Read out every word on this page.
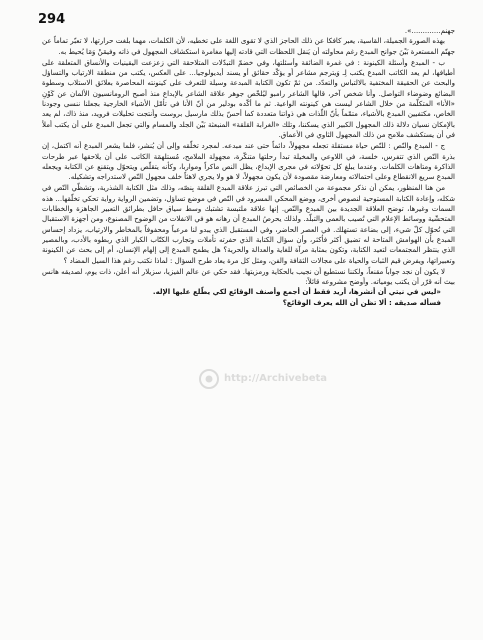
294

جهنم.............».

بهذه الصورة الجميلة، القاسية، يعبر كافكا عن ذلك الحاجز الذي لا تقوى اللغة على تخطيه، لأن الكلمات، مهما بلغت حرارتها، لا تعبّر تماماً عن جهنّم المستعرة بَيْنَ جوانح المبدع رغم محاولته أن يَنقل اللحظات التي قادته إليها مغامرة استكشاف المجهول في ذاته وفيمَنْ وَمَا يُحيط به.

ب - المبدع وأسئلة الكينونة : في غمرة الضائقة وأسئلتها، وفي خضمّ التبدّلات المتلاحقة التي زعزعت اليقينيات والأنساق المتعلقة على أطيافها، لم يعد الكاتب المبدع يكتب لِـ وَيترجم مشاعر أو يؤكّد حقائق أو يسند أيديولوجيا... على العكس، يكتب من منطقة الارتياب والتساؤل والبحث عن الحقيقة المختفية بالالتباس والتعدّد. من ثمّ تكون الكتابة المبدعة وسيلة للتعرف على كينونته المحاصرة بعلائق الاستلاب وسطوة البضائع وضوضاء التواصل. وأنا شخص آخر، قالها الشاعر رامبو ليُلخّص جوهر علاقة الشاعر بالإبداع منذ أصبح الرومانسيون الألمان عن كَوْنِ «الأنا» المتكلّمة من خلال الشاعر ليست هي كينونته الواعية. ثم ما أكّده بودلير من أنّ الأنا في تأمّل الأشياء الخارجية بجعلنا ننسى وجودنا الخاص، مكتفيين المبدع بالأشياء، متمّماً بأنّ اللّذات هي ذواتنا متعددة كما أحسّ بذلك مارسيل بروست وأنتجت تحليلات فرويد، منذ ذاك، لم يعد بالإمكان نسيان دلالة ذلك المجهول الكبير الذي يسكننا، وتلك «الغرابة القلقة» المنبعثة بَيْن الجلد والمسام والتي تجعل المبدع على أن يكتب أملاً في أن يستكشف ملامح من ذلك المجهول الثاوي في الأعماق.

ج - المبدع والنّص : للنّص حياة مستقلة تجعله مجهولاً، دائماً حتى عند مبدعه. لمجرد تخلّقه وإلى أن يُنشر، فلما يشعر المبدع أنه اكتمل، إن بذرة النّص الذي تتفرس، خلسة، في اللاوعي والمخيلة تبدأ رحلتها متنكّرة، مجهولة الملامح، مُستلهمَة الكاتب على أن يلاحقها عبر طرحات الذاكرة ومتاهات الكلمات. وعندما يبلغ كل تحوّلاته في مجرى الإبداع، يظل النص ماكراً ومواربا، وكأنه يتقلّص ويتحوّل ويتقنع عن الكتابة ويجعله المبدع سريع الانقطاع وعلى احتمالاته ومعارضة مقصودة لأن يكون مجهولاً، لا هو ولا يجري لاهثاً خلف مجهول النّص لاستدراجه وتشكيله.

من هنا المنظور، يمكن أن نذكر مجموعة من الخصائص التي تبرز علاقة المبدع القلقة بِنصّه، وذلك مثل الكتابة الشذرية، وتشظّي النّص في شكله، وإعادة الكتابة المستوحية لنصوص أخرى، ووضع المحكي المسرود في النّص في موضع تساؤل، وتضمين الرواية رواية تحكي تخلّقها... هذه السمات وغيرها، توضح العلاقة الجديدة بين المبدع والنّص. إنها علاقة ملتبسة تشتبك وسط سياق حافل بطرائق التعبير الجاهزة والخطابات المتحشّية ووسائط الإعلام التي تُصيب بالعمى والتبلّد. ولذلك يحرصُ المبدع أن رهانه هو في الانفلات من الوضوح المصنوع، ومن أجهزة الاستقبال التي تُحوّل كلّ شيء، إلى بضاعة تستهلك. في العصر الحاضر، وفي المستقبل الذي يبدو لنا مرعباً ومحفوفاً بالمخاطر والارتياب، يزداد إحساس المبدع بأن الهوامش المتاحة له تضيق أكثر فأكثر، وأن سؤال الكتابة الذي حفرته تأملات وتجارب الكتّاب الكبار الذي ربطوه بالأدب، وبالمصير الذي ينتظر المجتمعات لتعيد الكتابة، وتكون بمثابة مرآة للغاية والعدالة والحرية؟ هل يطمح المبدع إلى إلهام الإنسان، أم إلى بحث عن الكينونة وتعبيراتها، ويفرض قيم الثبات والحياة على مجالات الثقافة والفن، ومثل كل مرة يعاد طرح السؤال : لماذا نكتب رغم هذا السيل المضاد ؟

لا يكون أن نجد جواباً مقنعاً، ولكننا نستطيع أن نجيب بالحكاية ورمزيتها. فقد حكي عن عالم الفيزيا، سزيلار أنه أعلن، ذات يوم، لصديقه هانس بيث أنه قرّر أن يكتب يومياته. وأوضح مشروعه قائلاً:

«ليس في نيتي أن أنشرها، أريد فقط أن أجمع وأصنف الوقائع لكي يطّلع عليها الإله.

فسأله صديقه : ألا تظن أن الله يعرف الوقائع؟

http://Archivebeta
